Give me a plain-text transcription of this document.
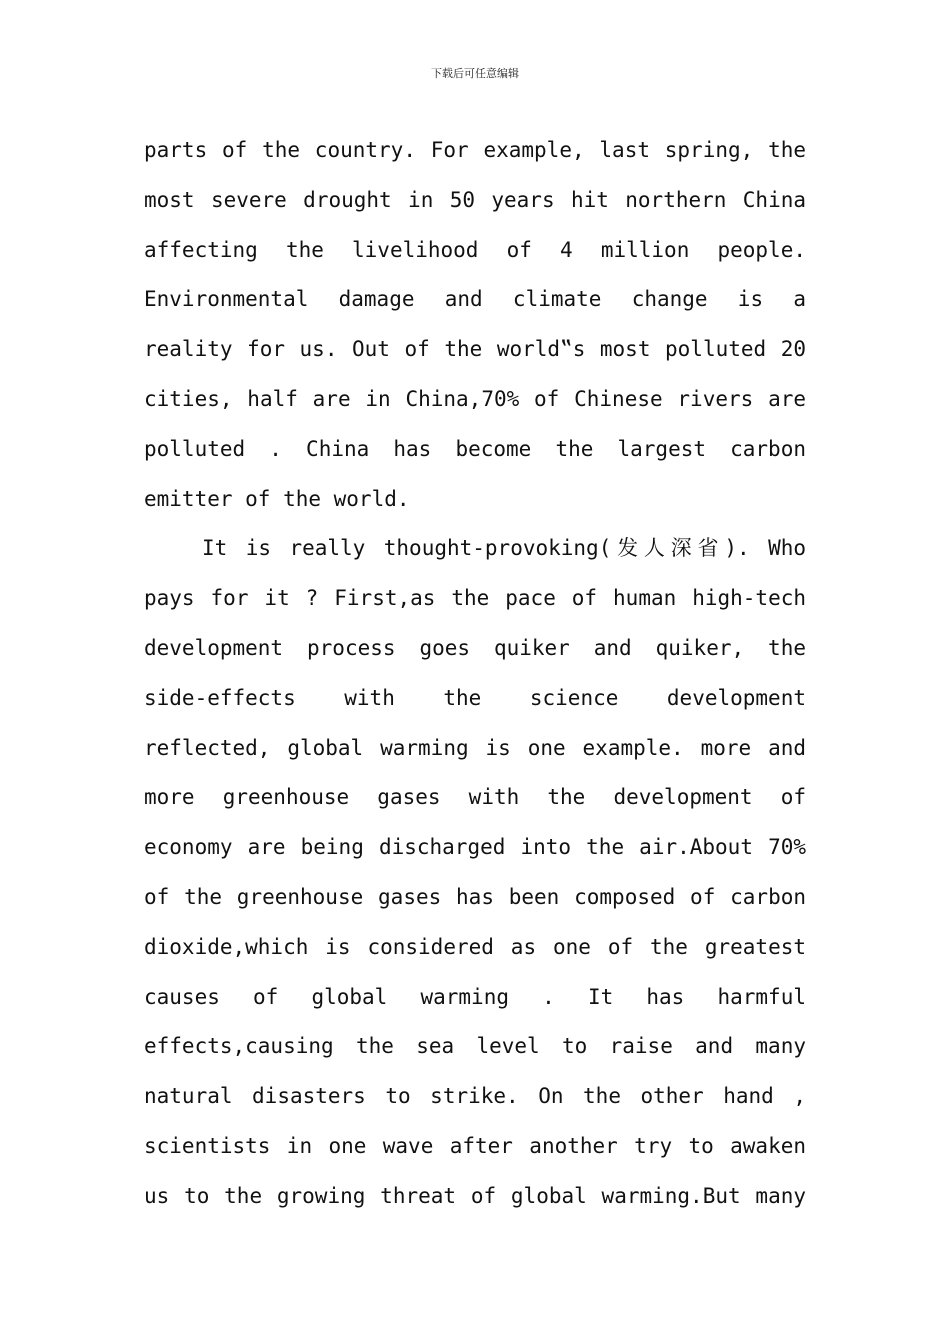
下载后可任意编辑
parts of the country. For example, last spring, the
most severe drought in 50 years hit northern China
affecting the livelihood of 4 million people.
Environmental damage and climate change is a
reality for us. Out of the world‟s most polluted 20
cities, half are in China,70% of Chinese rivers are
polluted . China has become the largest carbon
emitter of the world.
It is really thought-provoking(发人深省). Who
pays for it ? First,as the pace of human high-tech
development process goes quiker and quiker, the
side-effects with the science development
reflected, global warming is one example. more and
more greenhouse gases with the development of
economy are being discharged into the air.About 70%
of the greenhouse gases has been composed of carbon
dioxide,which is considered as one of the greatest
causes of global warming . It has harmful
effects,causing the sea level to raise and many
natural disasters to strike. On the other hand ,
scientists in one wave after another try to awaken
us to the growing threat of global warming.But many
